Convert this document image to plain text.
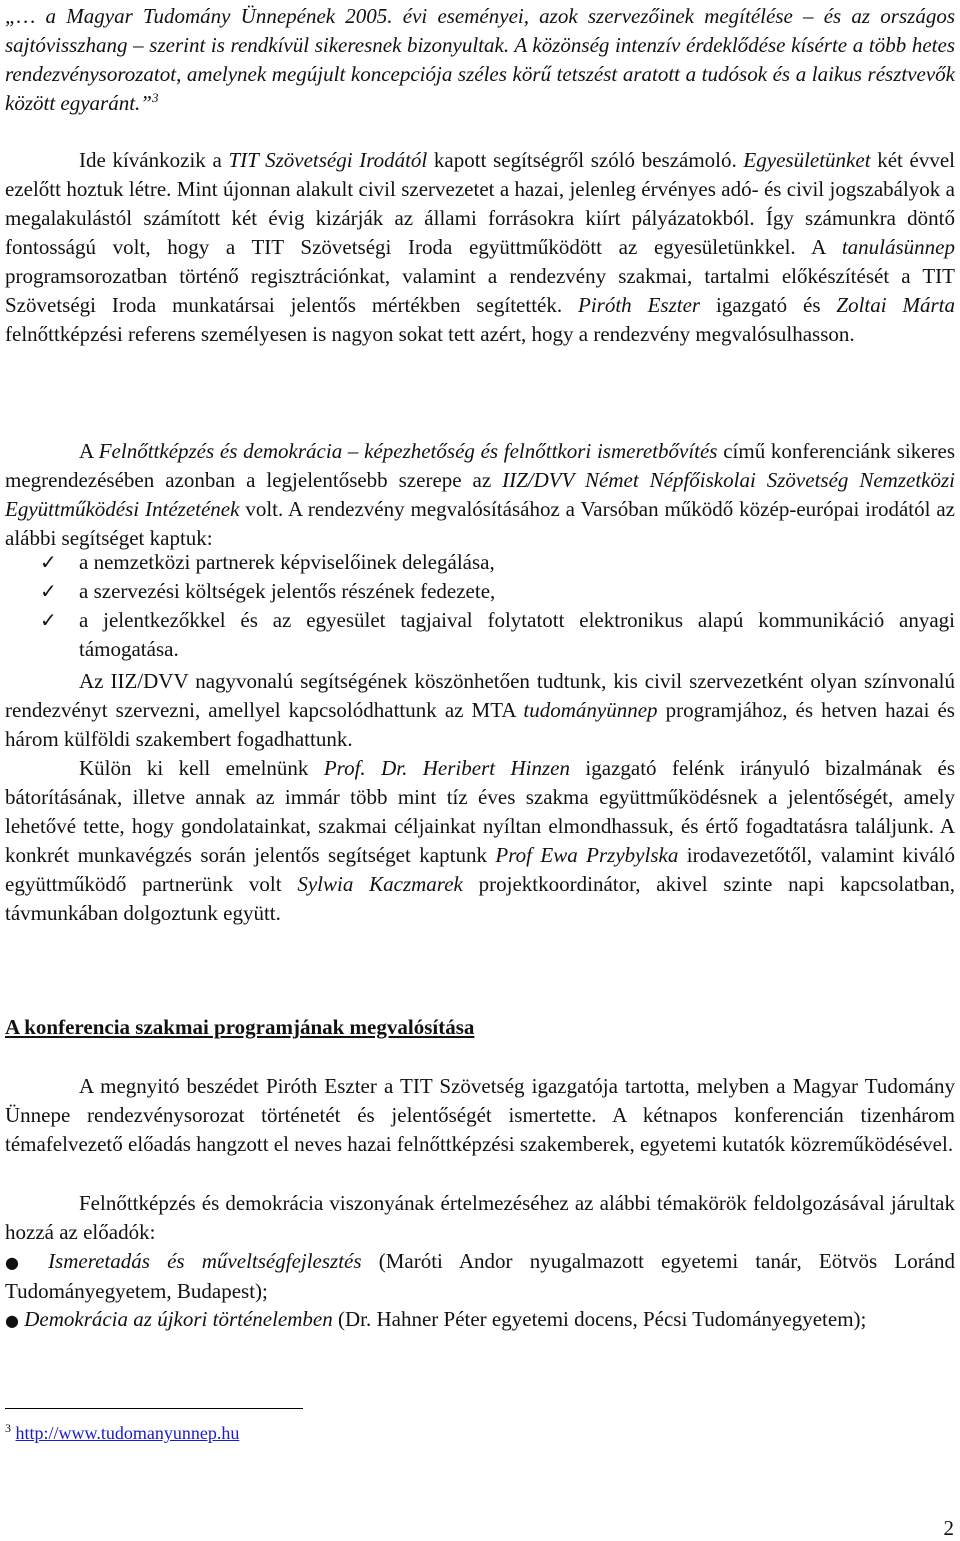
„… a Magyar Tudomány Ünnepének 2005. évi eseményei, azok szervezőinek megítélése – és az országos sajtóvisszhang – szerint is rendkívül sikeresnek bizonyultak. A közönség intenzív érdeklődése kísérte a több hetes rendezvénysorozatot, amelynek megújult koncepciója széles körű tetszést aratott a tudósok és a laikus résztvevők között egyaránt.”$^3$

Ide kívánkozik a TIT Szövetségi Irodától kapott segítségről szóló beszámoló. Egyesületünket két évvel ezelőtt hoztuk létre. Mint újonnan alakult civil szervezetet a hazai, jelenleg érvényes adó- és civil jogszabályok a megalakulástól számított két évig kizárják az állami forrásokra kiírt pályázatokból. Így számunkra döntő fontosságú volt, hogy a TIT Szövetségi Iroda együttműködött az egyesületünkkel. A tanulásünnep programsorozatban történő regisztrációnkat, valamint a rendezvény szakmai, tartalmi előkészítését a TIT Szövetségi Iroda munkatársai jelentős mértékben segítették. Piróth Eszter igazgató és Zoltai Márta felnőttképzési referens személyesen is nagyon sokat tett azért, hogy a rendezvény megvalósulhasson.

A Felnőttképzés és demokrácia – képezhetőség és felnőttkori ismeretbővítés című konferenciánk sikeres megrendezésében azonban a legjelentősebb szerepe az IIZ/DVV Német Népfőiskolai Szövetség Nemzetközi Együttműködési Intézetének volt. A rendezvény megvalósításához a Varsóban működő közép-európai irodától az alábbi segítséget kaptuk:

✓ a nemzetközi partnerek képviselőinek delegálása,
✓ a szervezési költségek jelentős részének fedezete,
✓ a jelentkezőkkel és az egyesület tagjaival folytatott elektronikus alapú kommunikáció anyagi támogatása.

Az IIZ/DVV nagyvonalú segítségének köszönhetően tudtunk, kis civil szervezetként olyan színvonalú rendezvényt szervezni, amellyel kapcsolódhattunk az MTA tudományünnep programjához, és hetven hazai és három külföldi szakembert fogadhattunk.

Külön ki kell emelnünk Prof. Dr. Heribert Hinzen igazgató felénk irányuló bizalmának és bátorításának, illetve annak az immár több mint tíz éves szakma együttműködésnek a jelentőségét, amely lehetővé tette, hogy gondolatainkat, szakmai céljainkat nyíltan elmondhassuk, és értő fogadtatásra találjunk. A konkrét munkavégzés során jelentős segítséget kaptunk Prof Ewa Przybylska irodavezetőtől, valamint kiváló együttműködő partnerünk volt Sylwia Kaczmarek projektkoordinátor, akivel szinte napi kapcsolatban, távmunkában dolgoztunk együtt.

A konferencia szakmai programjának megvalósítása

A megnyitó beszédet Piróth Eszter a TIT Szövetség igazgatója tartotta, melyben a Magyar Tudomány Ünnepe rendezvénysorozat történetét és jelentőségét ismertette. A kétnapos konferencián tizenhárom témafelvezető előadás hangzott el neves hazai felnőttképzési szakemberek, egyetemi kutatók közreműködésével.

Felnőttképzés és demokrácia viszonyának értelmezéséhez az alábbi témakörök feldolgozásával járultak hozzá az előadók:

● Ismeretadás és műveltségfejlesztés (Maróti Andor nyugalmazott egyetemi tanár, Eötvös Loránd Tudományegyetem, Budapest);

● Demokrácia az újkori történelemben (Dr. Hahner Péter egyetemi docens, Pécsi Tudományegyetem);

$^3$ http://www.tudomanyunnep.hu
2
